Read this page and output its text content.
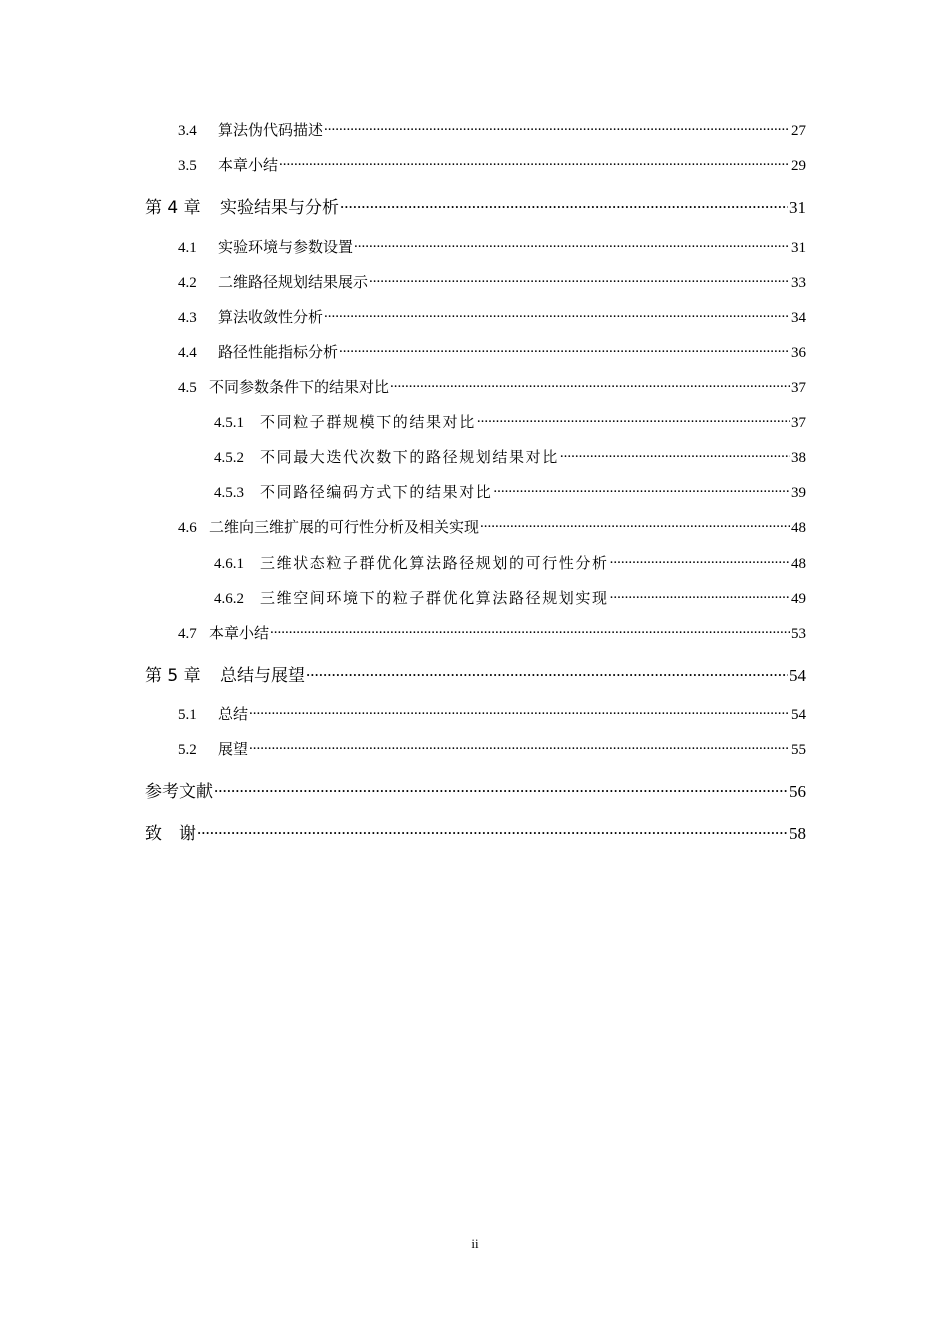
3.4	算法伪代码描述 .....	27
3.5	本章小结 .....	29
第 4 章	实验结果与分析 .....	31
4.1	实验环境与参数设置 .....	31
4.2	二维路径规划结果展示 .....	33
4.3	算法收敛性分析 .....	34
4.4	路径性能指标分析 .....	36
4.5 不同参数条件下的结果对比 .....	37
4.5.1	不同粒子群规模下的结果对比 .....	37
4.5.2	不同最大迭代次数下的路径规划结果对比 .....	38
4.5.3	不同路径编码方式下的结果对比 .....	39
4.6 二维向三维扩展的可行性分析及相关实现 .....	48
4.6.1	三维状态粒子群优化算法路径规划的可行性分析 .....	48
4.6.2	三维空间环境下的粒子群优化算法路径规划实现 .....	49
4.7 本章小结 .....	53
第 5 章	总结与展望 .....	54
5.1	总结 .....	54
5.2	展望 .....	55
参考文献 .....	56
致　谢 .....	58
ii
